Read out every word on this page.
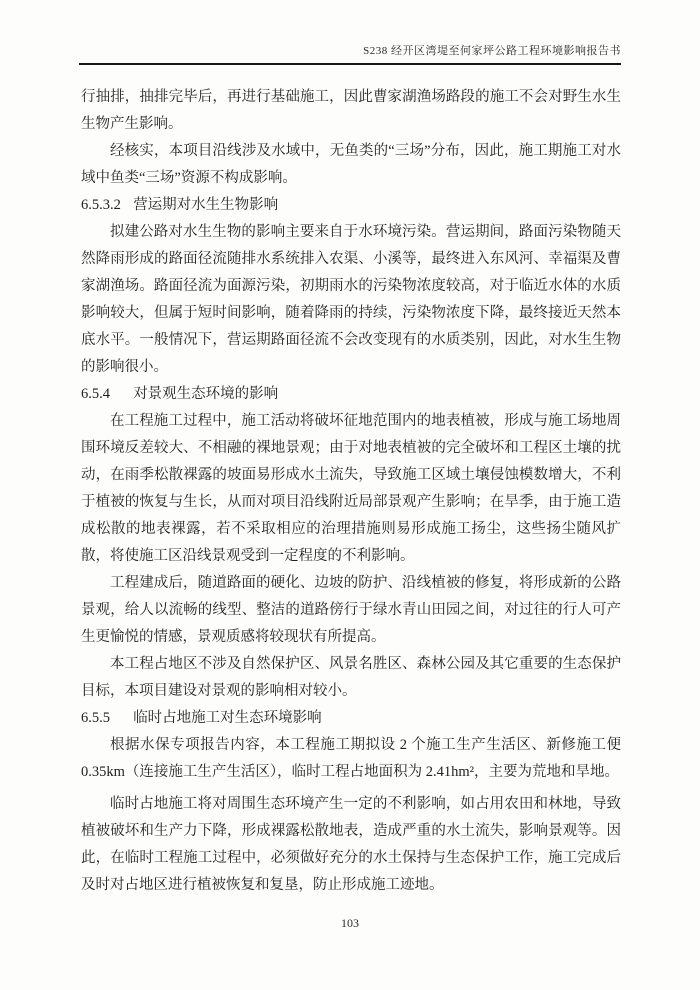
S238 经开区湾堤至何家坪公路工程环境影响报告书

行抽排，抽排完毕后，再进行基础施工，因此曹家湖渔场路段的施工不会对野生水生生物产生影响。

经核实，本项目沿线涉及水域中，无鱼类的“三场”分布，因此，施工期施工对水域中鱼类“三场”资源不构成影响。

6.5.3.2 营运期对水生生物影响

拟建公路对水生生物的影响主要来自于水环境污染。营运期间，路面污染物随天然降雨形成的路面径流随排水系统排入农渠、小溪等，最终进入东风河、幸福渠及曹家湖渔场。路面径流为面源污染，初期雨水的污染物浓度较高，对于临近水体的水质影响较大，但属于短时间影响，随着降雨的持续，污染物浓度下降，最终接近天然本底水平。一般情况下，营运期路面径流不会改变现有的水质类别，因此，对水生生物的影响很小。

6.5.4 对景观生态环境的影响

在工程施工过程中，施工活动将破坏征地范围内的地表植被，形成与施工场地周围环境反差较大、不相融的裸地景观；由于对地表植被的完全破坏和工程区土壤的扰动，在雨季松散裸露的坡面易形成水土流失，导致施工区域土壤侵蚀模数增大，不利于植被的恢复与生长，从而对项目沿线附近局部景观产生影响；在旱季，由于施工造成松散的地表裸露，若不采取相应的治理措施则易形成施工扬尘，这些扬尘随风扩散，将使施工区沿线景观受到一定程度的不利影响。

工程建成后，随道路面的硬化、边坡的防护、沿线植被的修复，将形成新的公路景观，给人以流畅的线型、整洁的道路傍行于绿水青山田园之间，对过往的行人可产生更愉悦的情感，景观质感将较现状有所提高。

本工程占地区不涉及自然保护区、风景名胜区、森林公园及其它重要的生态保护目标，本项目建设对景观的影响相对较小。

6.5.5 临时占地施工对生态环境影响

根据水保专项报告内容，本工程施工期拟设 2 个施工生产生活区、新修施工便0.35km（连接施工生产生活区），临时工程占地面积为 2.41hm²，主要为荒地和旱地。

临时占地施工将对周围生态环境产生一定的不利影响，如占用农田和林地，导致植被破坏和生产力下降，形成裸露松散地表，造成严重的水土流失，影响景观等。因此，在临时工程施工过程中，必须做好充分的水土保持与生态保护工作，施工完成后及时对占地区进行植被恢复和复垦，防止形成施工迹地。

103
